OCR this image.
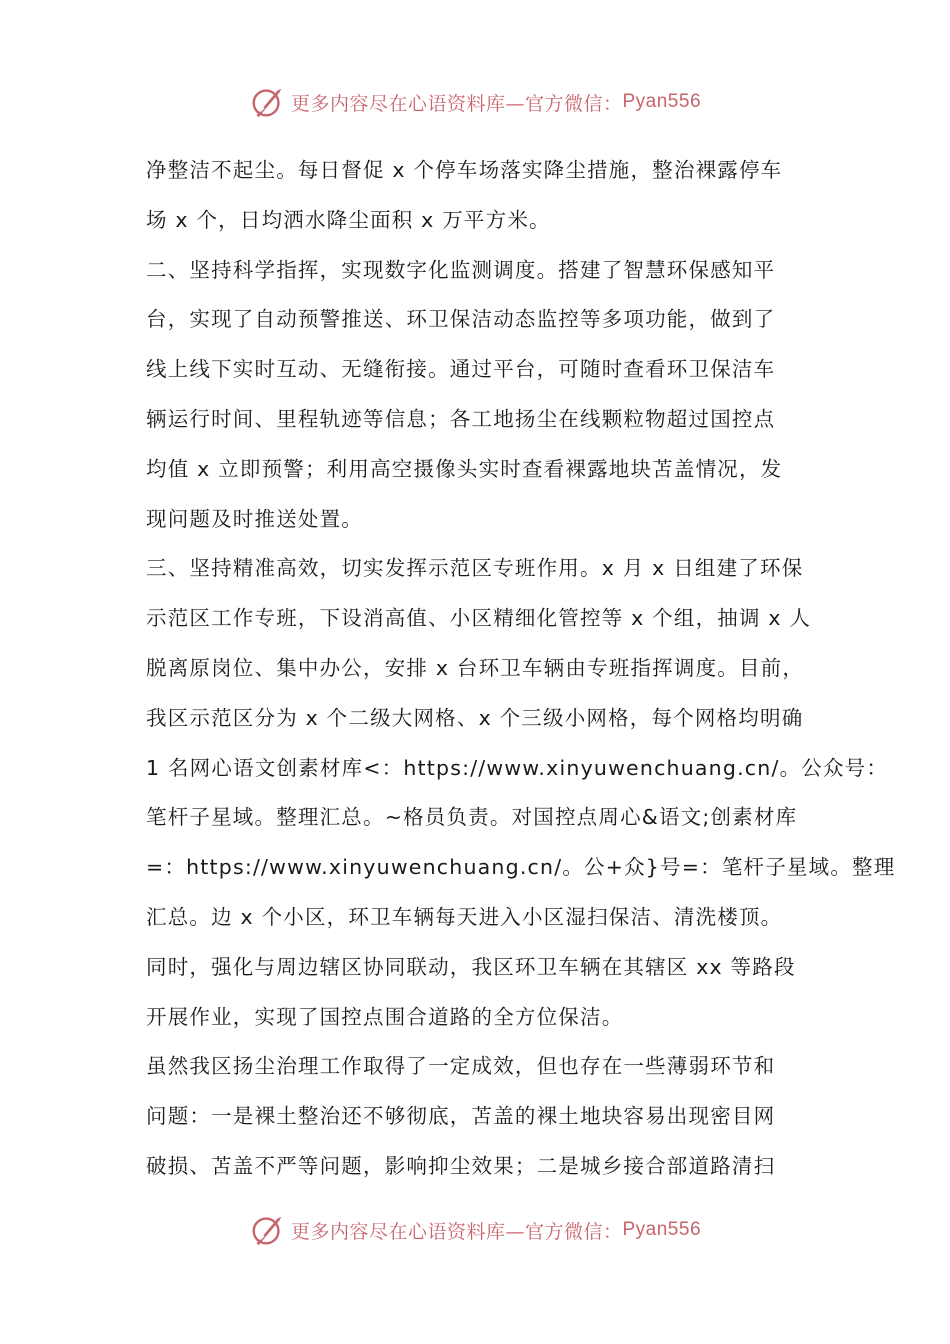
更多内容尽在心语资料库—官方微信： Pyan556
净整洁不起尘。每日督促 x 个停车场落实降尘措施，整治裸露停车
场 x 个，日均洒水降尘面积 x 万平方米。
二、坚持科学指挥，实现数字化监测调度。搭建了智慧环保感知平
台，实现了自动预警推送、环卫保洁动态监控等多项功能，做到了
线上线下实时互动、无缝衔接。通过平台，可随时查看环卫保洁车
辆运行时间、里程轨迹等信息；各工地扬尘在线颗粒物超过国控点
均值 x 立即预警；利用高空摄像头实时查看裸露地块苫盖情况，发
现问题及时推送处置。
三、坚持精准高效，切实发挥示范区专班作用。x 月 x 日组建了环保
示范区工作专班，下设消高值、小区精细化管控等 x 个组，抽调 x 人
脱离原岗位、集中办公，安排 x 台环卫车辆由专班指挥调度。目前，
我区示范区分为 x 个二级大网格、x 个三级小网格，每个网格均明确
1 名网心语文创素材库<：https://www.xinyuwenchuang.cn/。公众号：
笔杆子星域。整理汇总。~格员负责。对国控点周心&语文;创素材库
=：https://www.xinyuwenchuang.cn/。公+众}号=：笔杆子星域。整理
汇总。边 x 个小区，环卫车辆每天进入小区湿扫保洁、清洗楼顶。
同时，强化与周边辖区协同联动，我区环卫车辆在其辖区 xx 等路段
开展作业，实现了国控点围合道路的全方位保洁。
虽然我区扬尘治理工作取得了一定成效，但也存在一些薄弱环节和
问题：一是裸土整治还不够彻底，苫盖的裸土地块容易出现密目网
破损、苫盖不严等问题，影响抑尘效果；二是城乡接合部道路清扫
更多内容尽在心语资料库—官方微信： Pyan556
